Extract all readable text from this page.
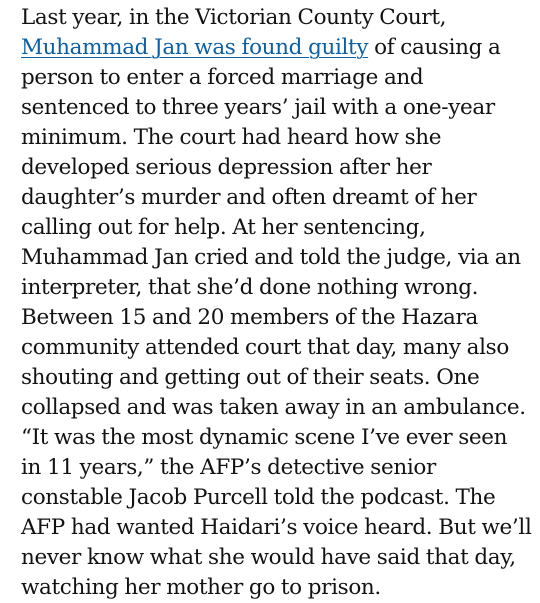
Last year, in the Victorian County Court, Muhammad Jan was found guilty of causing a person to enter a forced marriage and sentenced to three years’ jail with a one-year minimum. The court had heard how she developed serious depression after her daughter’s murder and often dreamt of her calling out for help. At her sentencing, Muhammad Jan cried and told the judge, via an interpreter, that she’d done nothing wrong. Between 15 and 20 members of the Hazara community attended court that day, many also shouting and getting out of their seats. One collapsed and was taken away in an ambulance. “It was the most dynamic scene I’ve ever seen in 11 years,” the AFP’s detective senior constable Jacob Purcell told the podcast. The AFP had wanted Haidari’s voice heard. But we’ll never know what she would have said that day, watching her mother go to prison.
